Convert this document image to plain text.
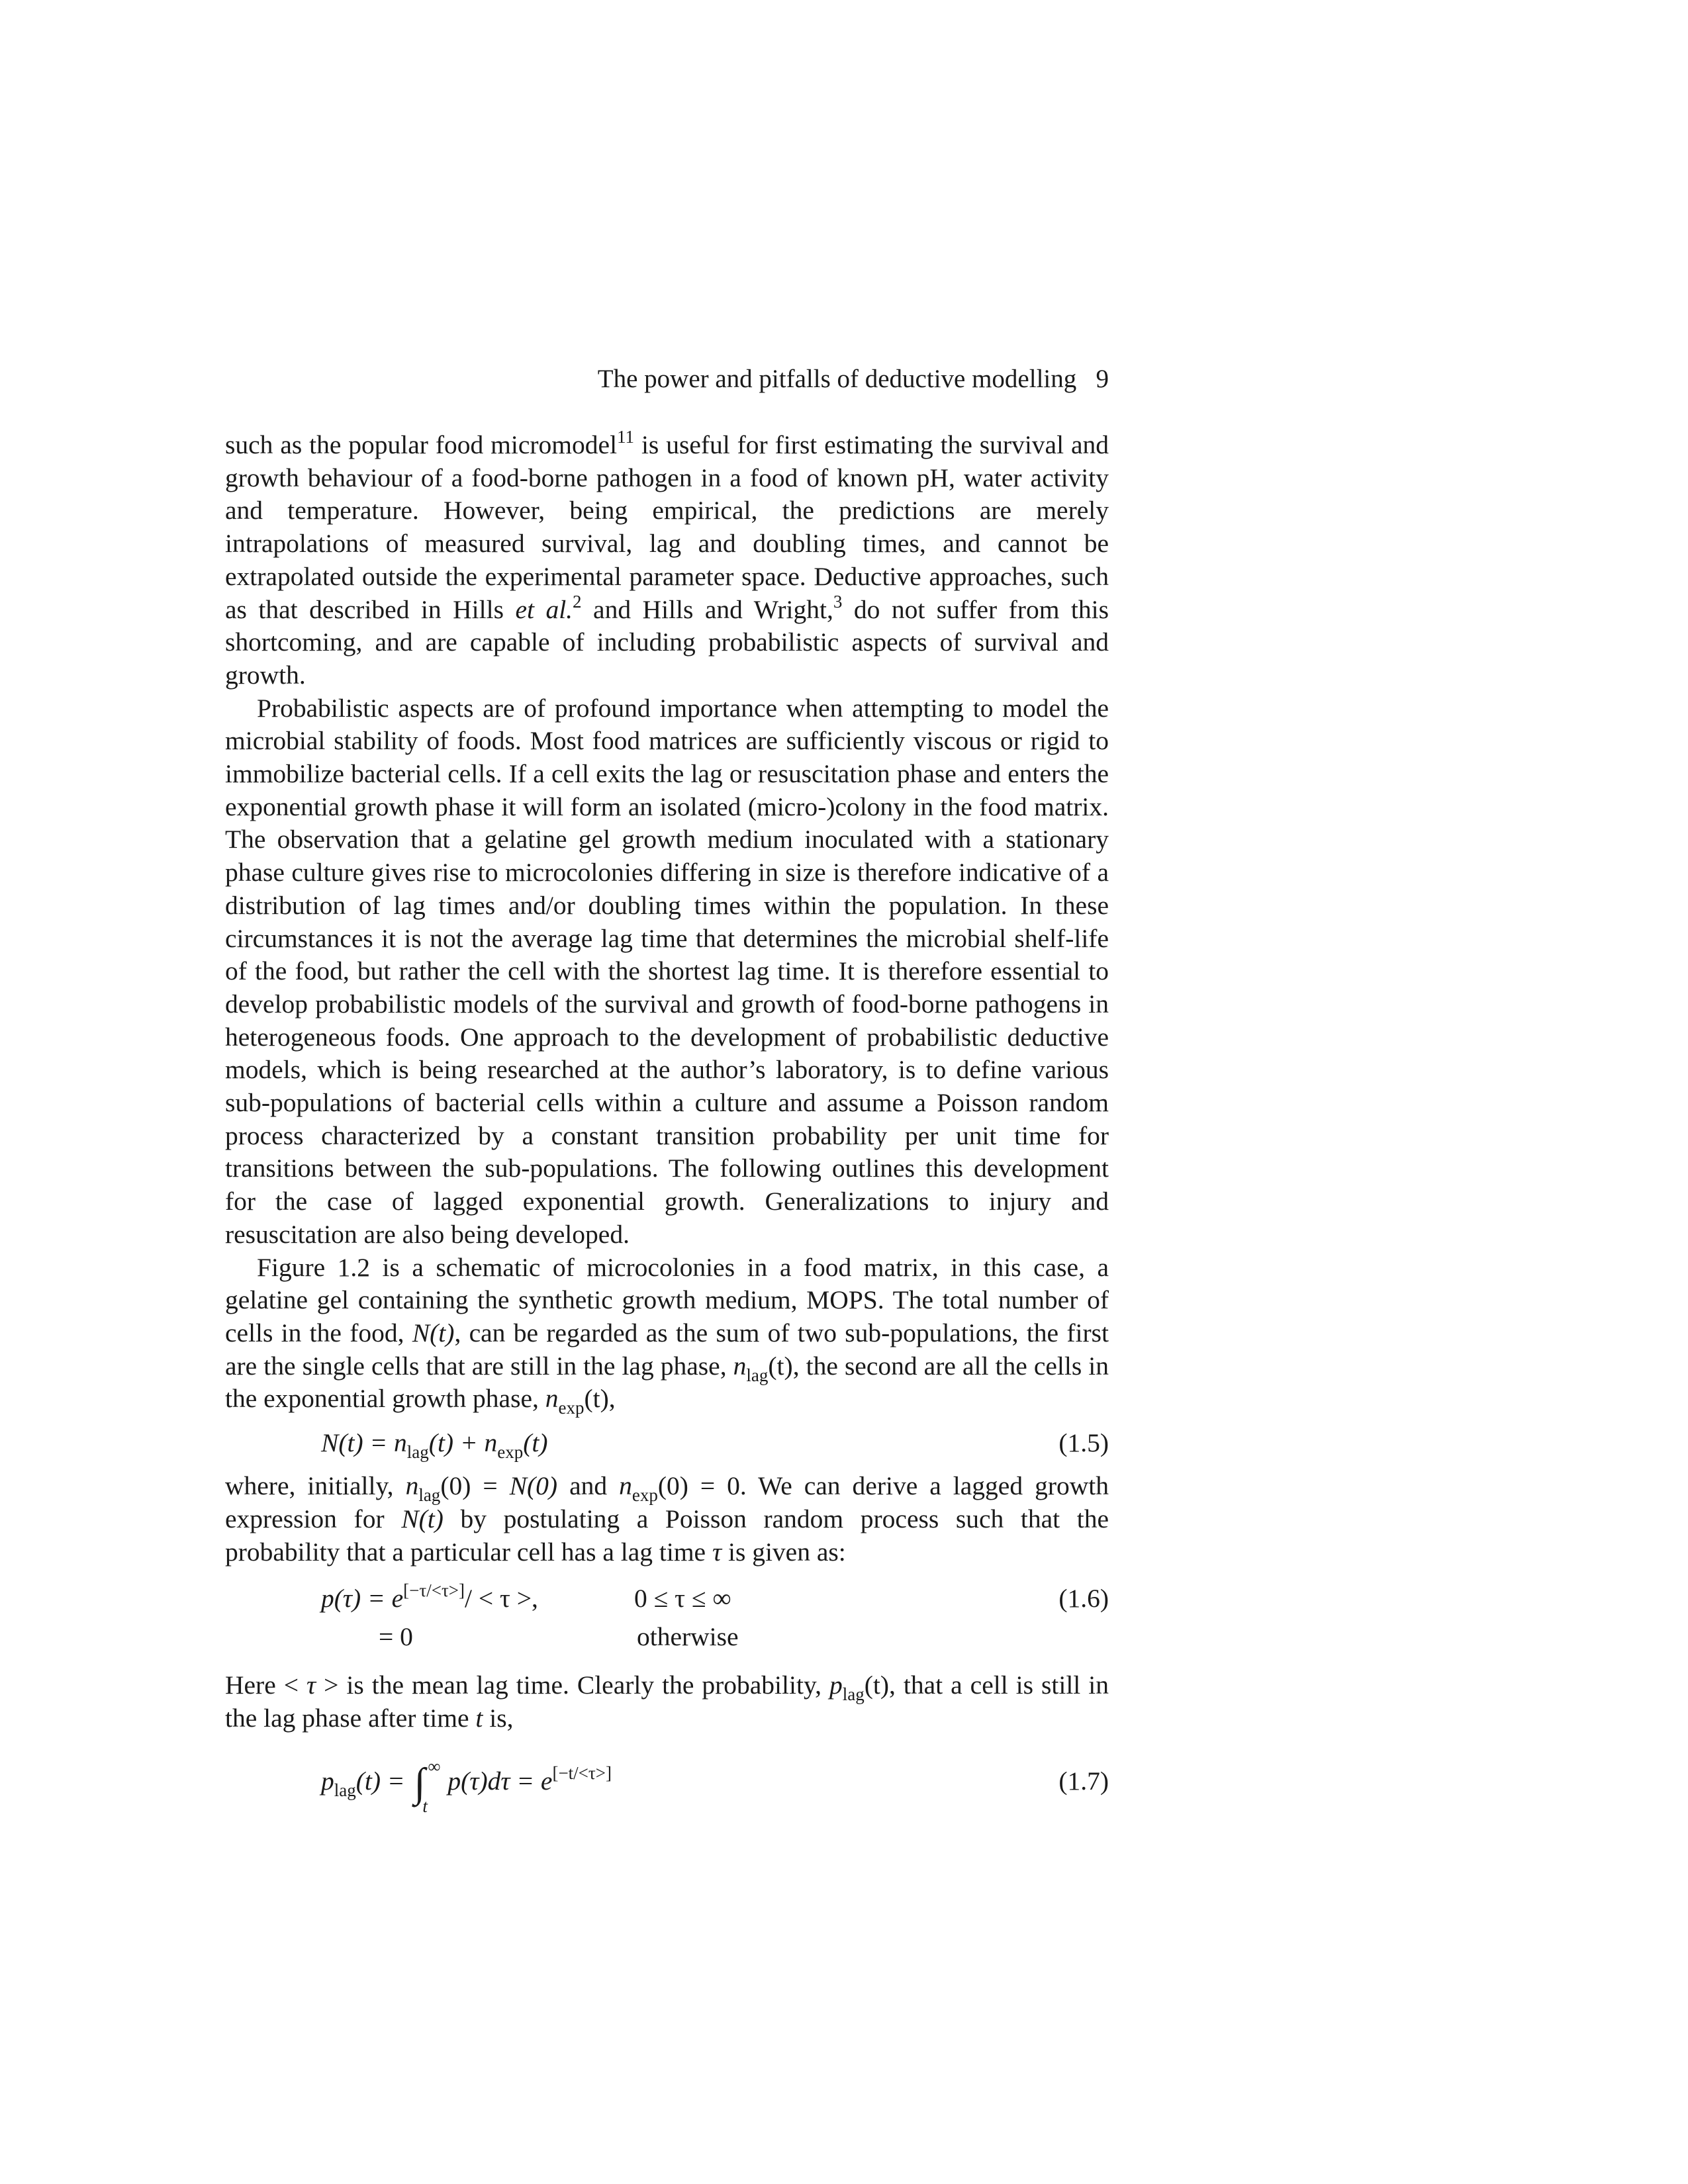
The power and pitfalls of deductive modelling 9

such as the popular food micromodel$^{11}$ is useful for first estimating the survival and growth behaviour of a food-borne pathogen in a food of known pH, water activity and temperature. However, being empirical, the predictions are merely intrapolations of measured survival, lag and doubling times, and cannot be extrapolated outside the experimental parameter space. Deductive approaches, such as that described in Hills et al.$^2$ and Hills and Wright,$^3$ do not suffer from this shortcoming, and are capable of including probabilistic aspects of survival and growth.

Probabilistic aspects are of profound importance when attempting to model the microbial stability of foods. Most food matrices are sufficiently viscous or rigid to immobilize bacterial cells. If a cell exits the lag or resuscitation phase and enters the exponential growth phase it will form an isolated (micro-)colony in the food matrix. The observation that a gelatine gel growth medium inoculated with a stationary phase culture gives rise to microcolonies differing in size is therefore indicative of a distribution of lag times and/or doubling times within the population. In these circumstances it is not the average lag time that determines the microbial shelf-life of the food, but rather the cell with the shortest lag time. It is therefore essential to develop probabilistic models of the survival and growth of food-borne pathogens in heterogeneous foods. One approach to the development of probabilistic deductive models, which is being researched at the author’s laboratory, is to define various sub-populations of bacterial cells within a culture and assume a Poisson random process characterized by a constant transition probability per unit time for transitions between the sub-populations. The following outlines this development for the case of lagged exponential growth. Generalizations to injury and resuscitation are also being developed.

Figure 1.2 is a schematic of microcolonies in a food matrix, in this case, a gelatine gel containing the synthetic growth medium, MOPS. The total number of cells in the food, N(t), can be regarded as the sum of two sub-populations, the first are the single cells that are still in the lag phase, $n_{lag}(t)$, the second are all the cells in the exponential growth phase, $n_{exp}(t)$,

$N(t) = n_{lag}(t) + n_{exp}(t)$	(1.5)

where, initially, $n_{lag}(0) = N(0)$ and $n_{exp}(0) = 0$. We can derive a lagged growth expression for N(t) by postulating a Poisson random process such that the probability that a particular cell has a lag time τ is given as:

p(τ) = e[−τ/<τ>]/ < τ >,	0 ≤ τ ≤ ∞	(1.6)
= 0	otherwise

Here < τ > is the mean lag time. Clearly the probability, $p_{lag}(t)$, that a cell is still in the lag phase after time t is,

$p_{lag}(t)$ = ∫ ∞
t
p(τ)dτ = e[−t/<τ>]	(1.7)
